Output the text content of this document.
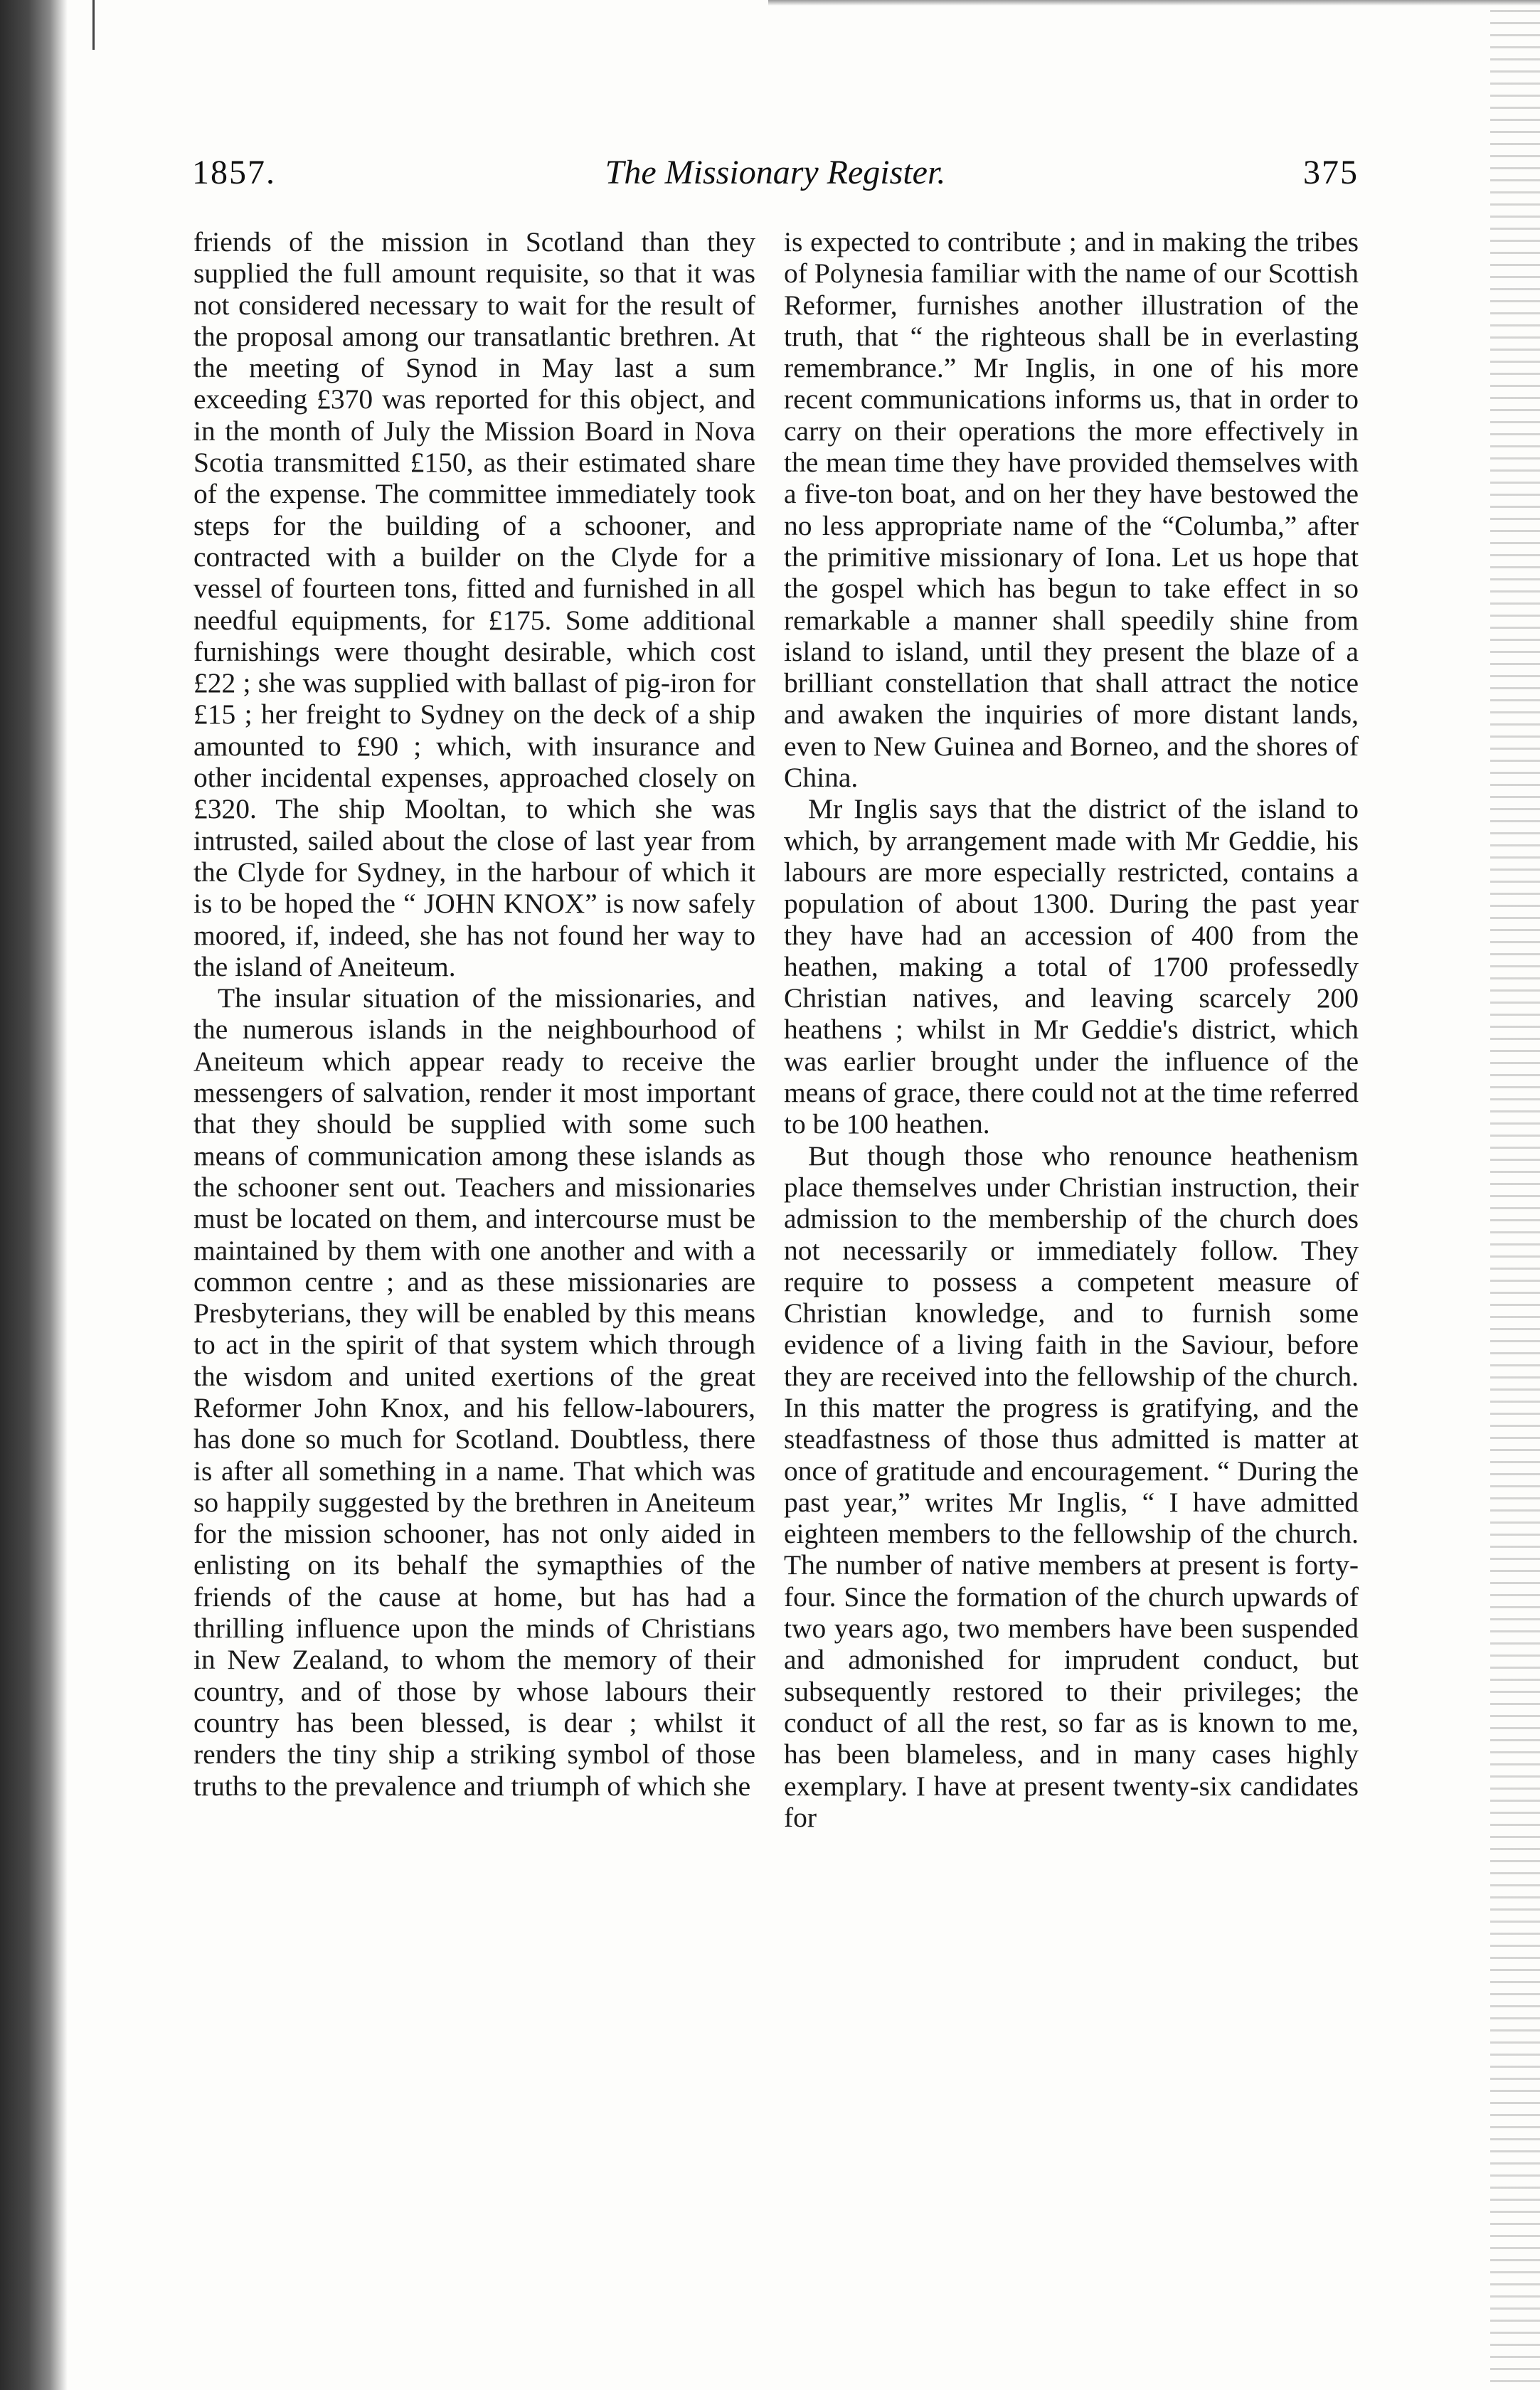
The Missionary Register.
1857.	375

friends of the mission in Scotland than they supplied the full amount requisite, so that it was not considered necessary to wait for the result of the proposal among our transatlantic brethren. At the meeting of Synod in May last a sum exceeding £370 was reported for this object, and in the month of July the Mission Board in Nova Scotia transmitted £150, as their estimated share of the expense. The committee immediately took steps for the building of a schooner, and contracted with a builder on the Clyde for a vessel of fourteen tons, fitted and furnished in all needful equipments, for £175. Some additional furnishings were thought desirable, which cost £22 ; she was supplied with ballast of pig-iron for £15 ; her freight to Sydney on the deck of a ship amounted to £90 ; which, with insurance and other incidental expenses, approached closely on £320. The ship Mooltan, to which she was intrusted, sailed about the close of last year from the Clyde for Sydney, in the harbour of which it is to be hoped the “ JOHN KNOX” is now safely moored, if, indeed, she has not found her way to the island of Aneiteum.

The insular situation of the missionaries, and the numerous islands in the neighbourhood of Aneiteum which appear ready to receive the messengers of salvation, render it most important that they should be supplied with some such means of communication among these islands as the schooner sent out. Teachers and missionaries must be located on them, and intercourse must be maintained by them with one another and with a common centre ; and as these missionaries are Presbyterians, they will be enabled by this means to act in the spirit of that system which through the wisdom and united exertions of the great Reformer John Knox, and his fellow-labourers, has done so much for Scotland. Doubtless, there is after all something in a name. That which was so happily suggested by the brethren in Aneiteum for the mission schooner, has not only aided in enlisting on its behalf the symapthies of the friends of the cause at home, but has had a thrilling influence upon the minds of Christians in New Zealand, to whom the memory of their country, and of those by whose labours their country has been blessed, is dear ; whilst it renders the tiny ship a striking symbol of those truths to the prevalence and triumph of which she

is expected to contribute ; and in making the tribes of Polynesia familiar with the name of our Scottish Reformer, furnishes another illustration of the truth, that “ the righteous shall be in everlasting remembrance.” Mr Inglis, in one of his more recent communications informs us, that in order to carry on their operations the more effectively in the mean time they have provided themselves with a five-ton boat, and on her they have bestowed the no less appropriate name of the “Columba,” after the primitive missionary of Iona. Let us hope that the gospel which has begun to take effect in so remarkable a manner shall speedily shine from island to island, until they present the blaze of a brilliant constellation that shall attract the notice and awaken the inquiries of more distant lands, even to New Guinea and Borneo, and the shores of China.

Mr Inglis says that the district of the island to which, by arrangement made with Mr Geddie, his labours are more especially restricted, contains a population of about 1300. During the past year they have had an accession of 400 from the heathen, making a total of 1700 professedly Christian natives, and leaving scarcely 200 heathens ; whilst in Mr Geddie's district, which was earlier brought under the influence of the means of grace, there could not at the time referred to be 100 heathen.

But though those who renounce heathenism place themselves under Christian instruction, their admission to the membership of the church does not necessarily or immediately follow. They require to possess a competent measure of Christian knowledge, and to furnish some evidence of a living faith in the Saviour, before they are received into the fellowship of the church. In this matter the progress is gratifying, and the steadfastness of those thus admitted is matter at once of gratitude and encouragement. “ During the past year,” writes Mr Inglis, “ I have admitted eighteen members to the fellowship of the church. The number of native members at present is forty-four. Since the formation of the church upwards of two years ago, two members have been suspended and admonished for imprudent conduct, but subsequently restored to their privileges; the conduct of all the rest, so far as is known to me, has been blameless, and in many cases highly exemplary. I have at present twenty-six candidates for
